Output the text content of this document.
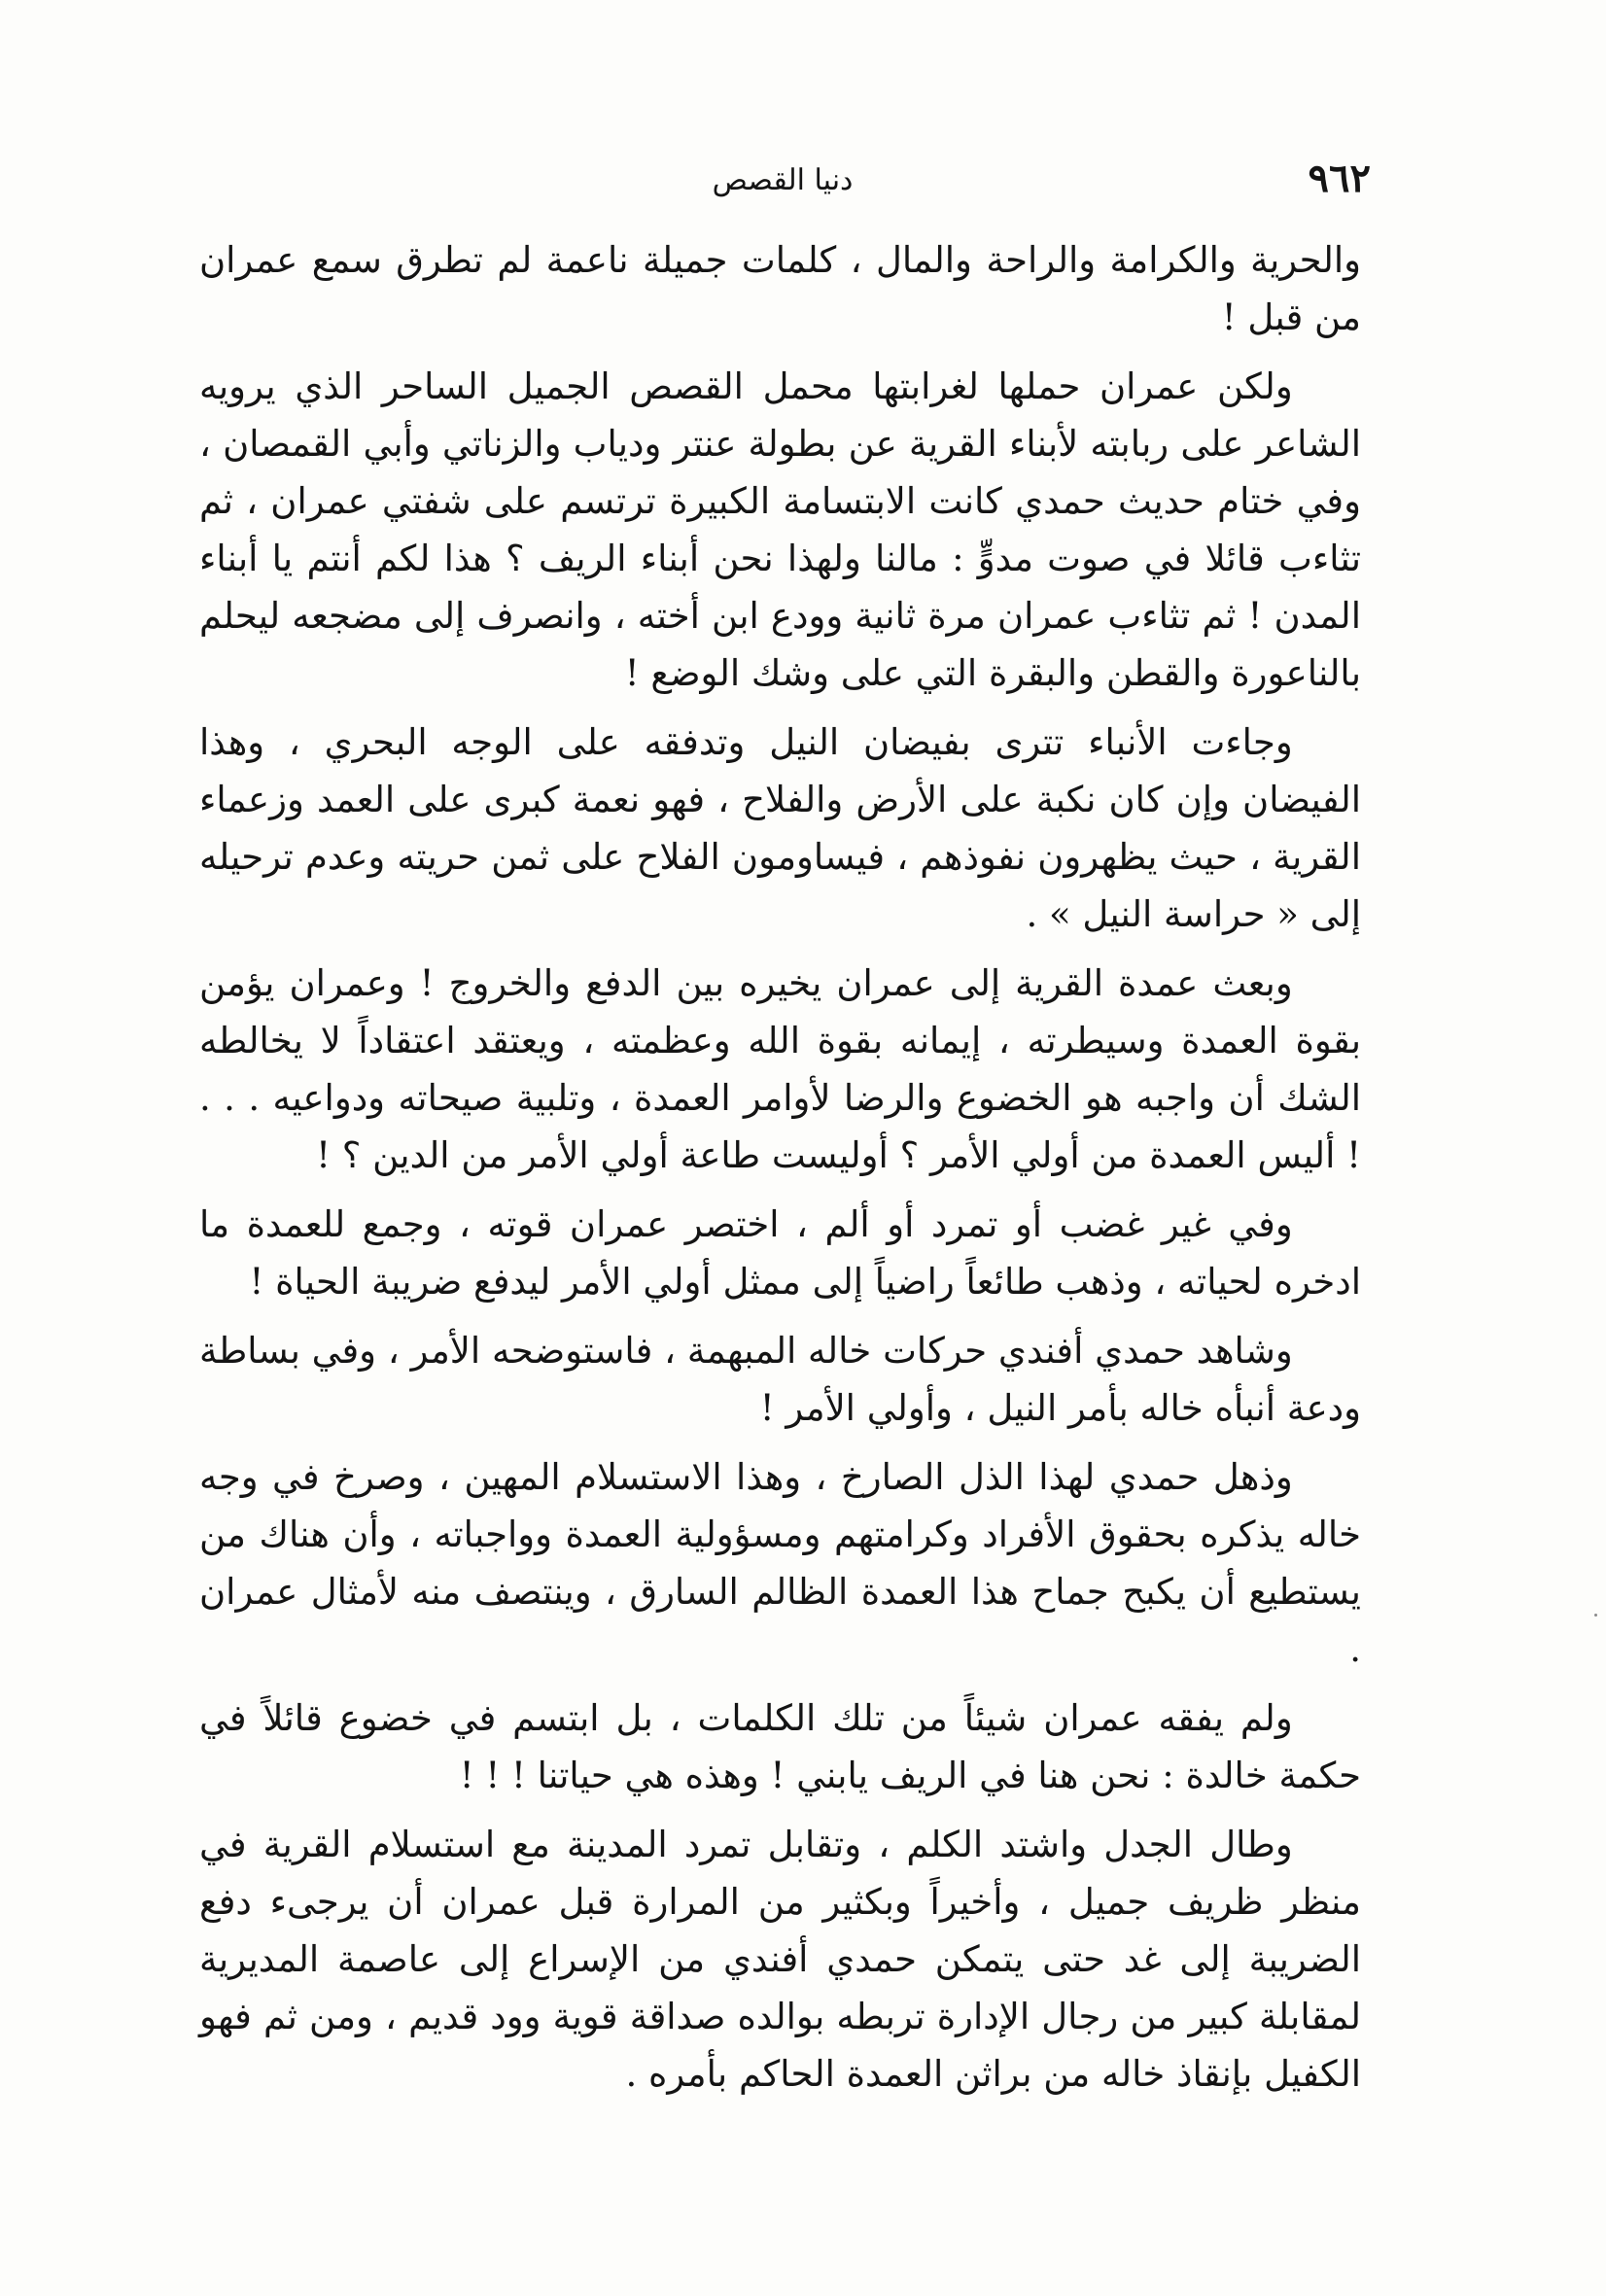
٩٦٢
دنيا القصص

والحرية والكرامة والراحة والمال ، كلمات جميلة ناعمة لم تطرق سمع عمران من قبل !

ولكن عمران حملها لغرابتها محمل القصص الجميل الساحر الذي يرويه الشاعر على ربابته لأبناء القرية عن بطولة عنتر ودياب والزناتي وأبي القمصان ، وفي ختام حديث حمدي كانت الابتسامة الكبيرة ترتسم على شفتي عمران ، ثم تثاءب قائلا في صوت مدوٍّ : مالنا ولهذا نحن أبناء الريف ؟ هذا لكم أنتم يا أبناء المدن ! ثم تثاءب عمران مرة ثانية وودع ابن أخته ، وانصرف إلى مضجعه ليحلم بالناعورة والقطن والبقرة التي على وشك الوضع !

وجاءت الأنباء تترى بفيضان النيل وتدفقه على الوجه البحري ، وهذا الفيضان وإن كان نكبة على الأرض والفلاح ، فهو نعمة كبرى على العمد وزعماء القرية ، حيث يظهرون نفوذهم ، فيساومون الفلاح على ثمن حريته وعدم ترحيله إلى « حراسة النيل » .

وبعث عمدة القرية إلى عمران يخيره بين الدفع والخروج ! وعمران يؤمن بقوة العمدة وسيطرته ، إيمانه بقوة الله وعظمته ، ويعتقد اعتقاداً لا يخالطه الشك أن واجبه هو الخضوع والرضا لأوامر العمدة ، وتلبية صيحاته ودواعيه . . . ! أليس العمدة من أولي الأمر ؟ أوليست طاعة أولي الأمر من الدين ؟ !

وفي غير غضب أو تمرد أو ألم ، اختصر عمران قوته ، وجمع للعمدة ما ادخره لحياته ، وذهب طائعاً راضياً إلى ممثل أولي الأمر ليدفع ضريبة الحياة !

وشاهد حمدي أفندي حركات خاله المبهمة ، فاستوضحه الأمر ، وفي بساطة ودعة أنبأه خاله بأمر النيل ، وأولي الأمر !

وذهل حمدي لهذا الذل الصارخ ، وهذا الاستسلام المهين ، وصرخ في وجه خاله يذكره بحقوق الأفراد وكرامتهم ومسؤولية العمدة وواجباته ، وأن هناك من يستطيع أن يكبح جماح هذا العمدة الظالم السارق ، وينتصف منه لأمثال عمران .

ولم يفقه عمران شيئاً من تلك الكلمات ، بل ابتسم في خضوع قائلاً في حكمة خالدة : نحن هنا في الريف يابني ! وهذه هي حياتنا ! ! !

وطال الجدل واشتد الكلم ، وتقابل تمرد المدينة مع استسلام القرية في منظر ظريف جميل ، وأخيراً وبكثير من المرارة قبل عمران أن يرجىء دفع الضريبة إلى غد حتى يتمكن حمدي أفندي من الإسراع إلى عاصمة المديرية لمقابلة كبير من رجال الإدارة تربطه بوالده صداقة قوية وود قديم ، ومن ثم فهو الكفيل بإنقاذ خاله من براثن العمدة الحاكم بأمره .
